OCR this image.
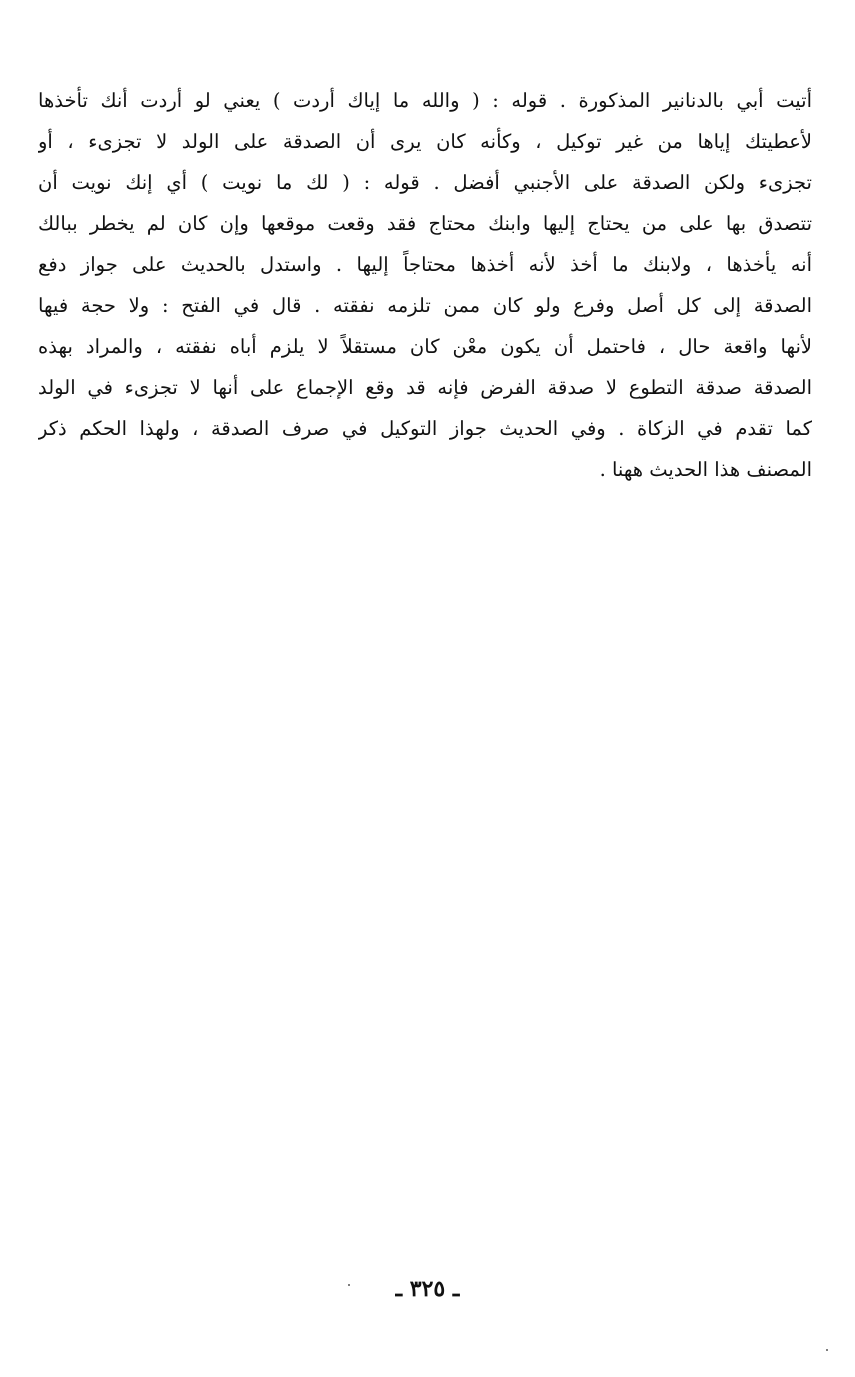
أتيت أبي بالدنانير المذكورة . قوله : ( والله ما إياك أردت ) يعني لو أردت أنك تأخذها
لأعطيتك إياها من غير توكيل ، وكأنه كان يرى أن الصدقة على الولد لا تجزىء ، أو
تجزىء ولكن الصدقة على الأجنبي أفضل . قوله : ( لك ما نويت ) أي إنك نويت أن
تتصدق بها على من يحتاج إليها وابنك محتاج فقد وقعت موقعها وإن كان لم يخطر ببالك
أنه يأخذها ، ولابنك ما أخذ لأنه أخذها محتاجاً إليها . واستدل بالحديث على جواز دفع
الصدقة إلى كل أصل وفرع ولو كان ممن تلزمه نفقته . قال في الفتح : ولا حجة فيها
لأنها واقعة حال ، فاحتمل أن يكون معْن كان مستقلاً لا يلزم أباه نفقته ، والمراد بهذه
الصدقة صدقة التطوع لا صدقة الفرض فإنه قد وقع الإجماع على أنها لا تجزىء في الولد
كما تقدم في الزكاة . وفي الحديث جواز التوكيل في صرف الصدقة ، ولهذا الحكم ذكر
المصنف هذا الحديث ههنا .
ـ ٣٢٥ ـ
